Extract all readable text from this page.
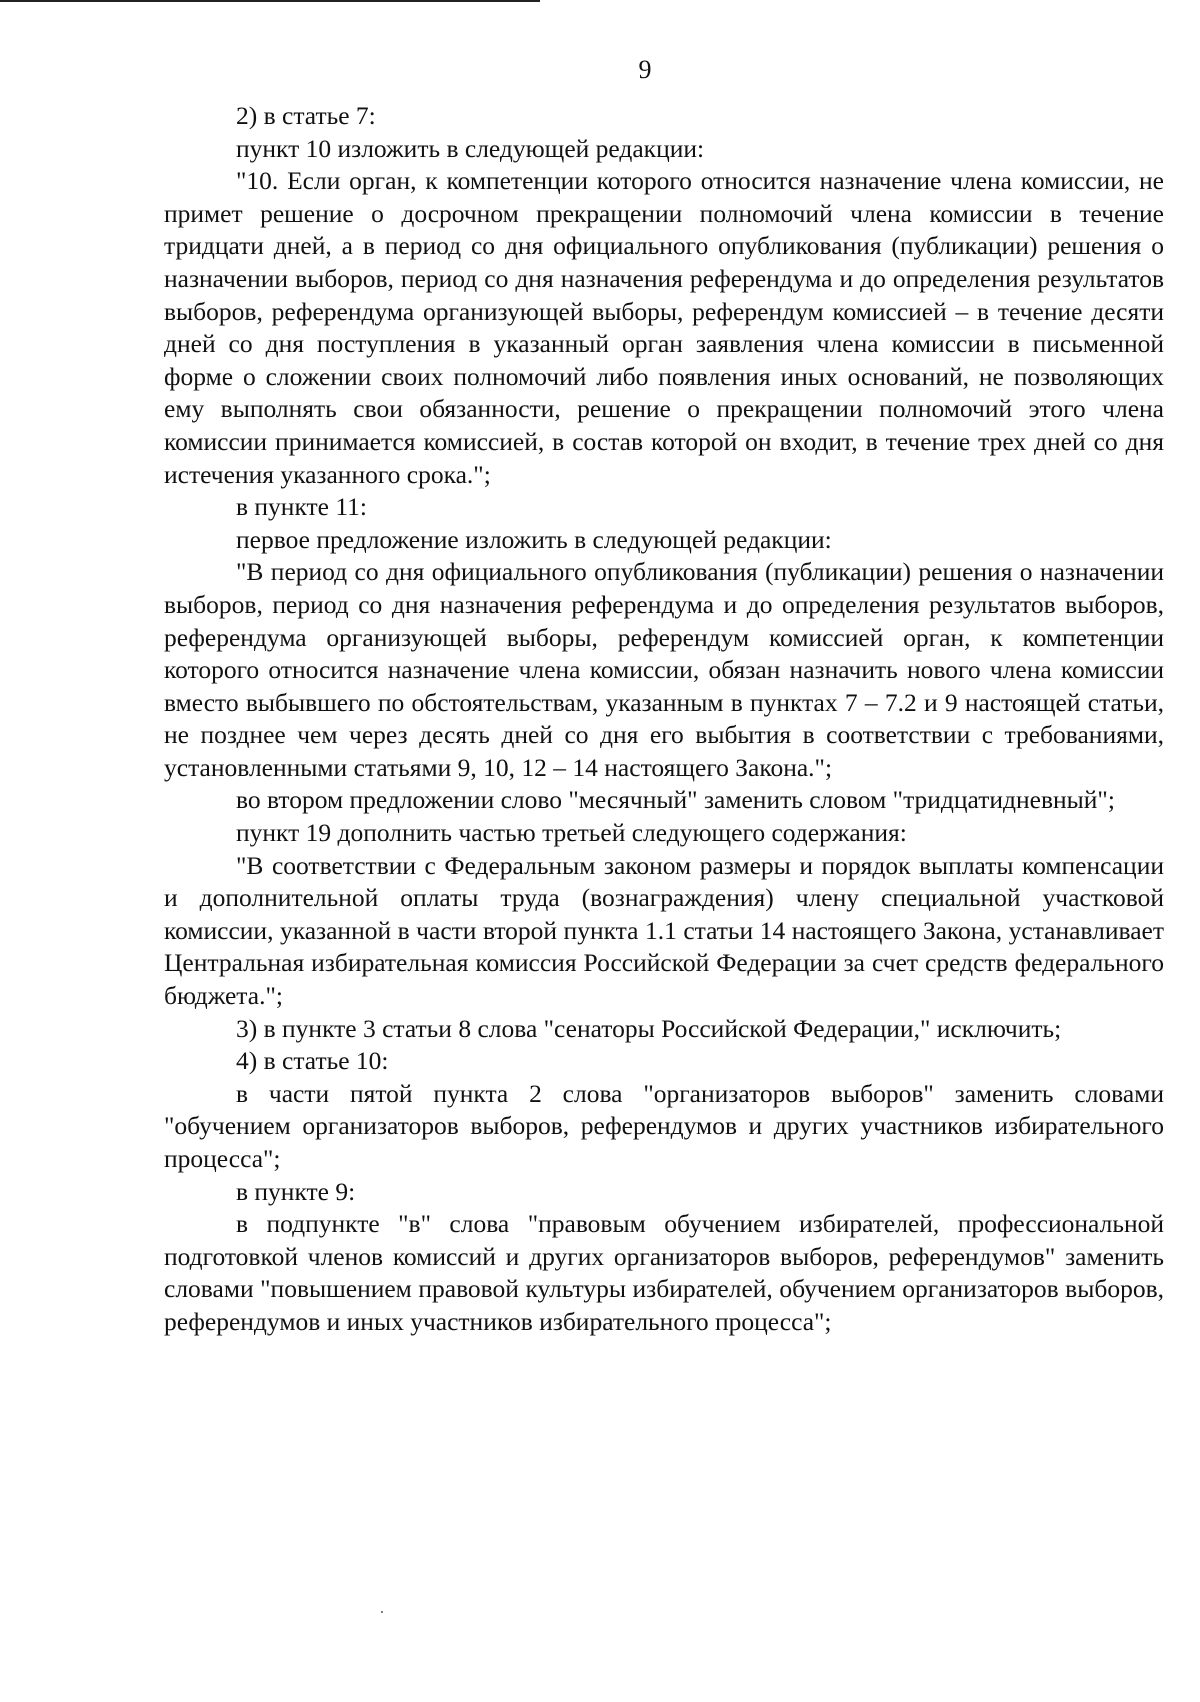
9

2) в статье 7:

пункт 10 изложить в следующей редакции:

"10. Если орган, к компетенции которого относится назначение члена комиссии, не примет решение о досрочном прекращении полномочий члена комиссии в течение тридцати дней, а в период со дня официального опубликования (публикации) решения о назначении выборов, период со дня назначения референдума и до определения результатов выборов, референдума организующей выборы, референдум комиссией – в течение десяти дней со дня поступления в указанный орган заявления члена комиссии в письменной форме о сложении своих полномочий либо появления иных оснований, не позволяющих ему выполнять свои обязанности, решение о прекращении полномочий этого члена комиссии принимается комиссией, в состав которой он входит, в течение трех дней со дня истечения указанного срока.";

в пункте 11:

первое предложение изложить в следующей редакции:

"В период со дня официального опубликования (публикации) решения о назначении выборов, период со дня назначения референдума и до определения результатов выборов, референдума организующей выборы, референдум комиссией орган, к компетенции которого относится назначение члена комиссии, обязан назначить нового члена комиссии вместо выбывшего по обстоятельствам, указанным в пунктах 7 – 7.2 и 9 настоящей статьи, не позднее чем через десять дней со дня его выбытия в соответствии с требованиями, установленными статьями 9, 10, 12 – 14 настоящего Закона.";

во втором предложении слово "месячный" заменить словом "тридцатидневный";

пункт 19 дополнить частью третьей следующего содержания:

"В соответствии с Федеральным законом размеры и порядок выплаты компенсации и дополнительной оплаты труда (вознаграждения) члену специальной участковой комиссии, указанной в части второй пункта 1.1 статьи 14 настоящего Закона, устанавливает Центральная избирательная комиссия Российской Федерации за счет средств федерального бюджета.";

3) в пункте 3 статьи 8 слова "сенаторы Российской Федерации," исключить;

4) в статье 10:

в части пятой пункта 2 слова "организаторов выборов" заменить словами "обучением организаторов выборов, референдумов и других участников избирательного процесса";

в пункте 9:

в подпункте "в" слова "правовым обучением избирателей, профессиональной подготовкой членов комиссий и других организаторов выборов, референдумов" заменить словами "повышением правовой культуры избирателей, обучением организаторов выборов, референдумов и иных участников избирательного процесса";
